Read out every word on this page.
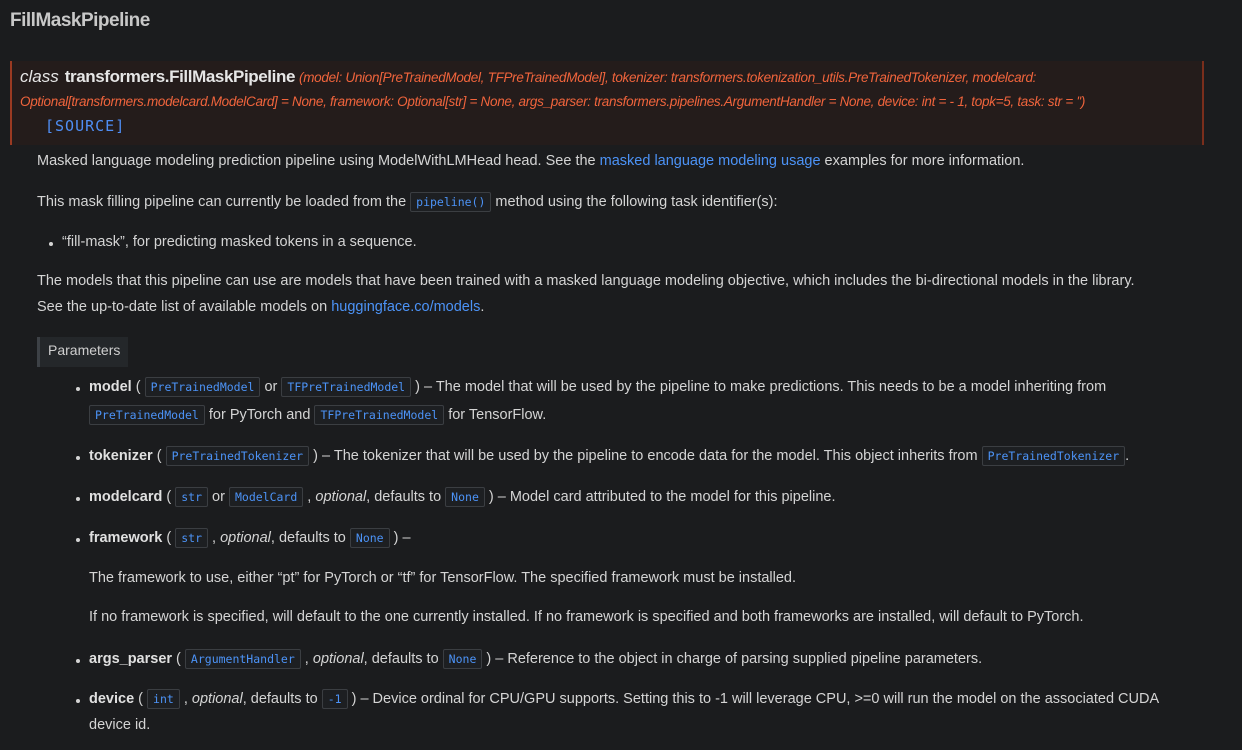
FillMaskPipeline
class transformers.FillMaskPipeline (model: Union[PreTrainedModel, TFPreTrainedModel], tokenizer: transformers.tokenization_utils.PreTrainedTokenizer, modelcard:
Optional[transformers.modelcard.ModelCard] = None, framework: Optional[str] = None, args_parser: transformers.pipelines.ArgumentHandler = None, device: int = - 1, topk=5, task: str = '')
[SOURCE]
Parameters
Masked language modeling prediction pipeline using ModelWithLMHead head. See the masked language modeling usage examples for more information.
This mask filling pipeline can currently be loaded from the pipeline() method using the following task identifier(s):
“fill-mask”, for predicting masked tokens in a sequence.
The models that this pipeline can use are models that have been trained with a masked language modeling objective, which includes the bi-directional models in the library.
See the up-to-date list of available models on huggingface.co/models.
model ( PreTrainedModel or TFPreTrainedModel ) – The model that will be used by the pipeline to make predictions. This needs to be a model inheriting from
PreTrainedModel for PyTorch and TFPreTrainedModel for TensorFlow.
tokenizer ( PreTrainedTokenizer ) – The tokenizer that will be used by the pipeline to encode data for the model. This object inherits from PreTrainedTokenizer .
modelcard ( str or ModelCard , optional, defaults to None ) – Model card attributed to the model for this pipeline.
framework ( str , optional, defaults to None ) –
The framework to use, either “pt” for PyTorch or “tf” for TensorFlow. The specified framework must be installed.
If no framework is specified, will default to the one currently installed. If no framework is specified and both frameworks are installed, will default to PyTorch.
args_parser ( ArgumentHandler , optional, defaults to None ) – Reference to the object in charge of parsing supplied pipeline parameters.
device ( int , optional, defaults to -1 ) – Device ordinal for CPU/GPU supports. Setting this to -1 will leverage CPU, >=0 will run the model on the associated CUDA
device id.
